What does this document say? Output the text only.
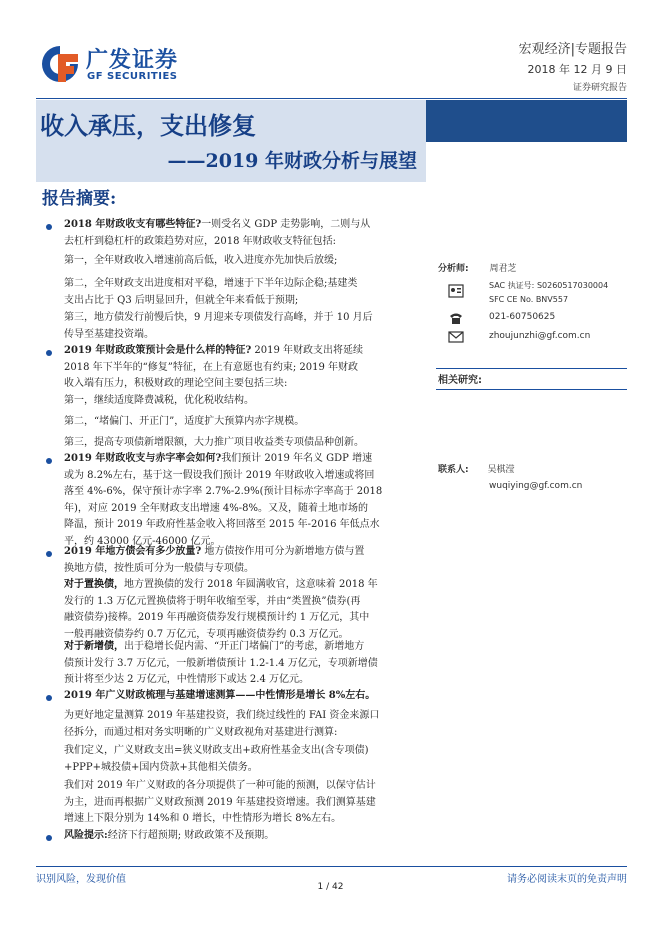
广发证券
GF SECURITIES
宏观经济|专题报告
2018 年 12 月 9 日
证券研究报告
收入承压，支出修复
——2019 年财政分析与展望
报告摘要:
2018 年财政收支有哪些特征?一则受名义 GDP 走势影响，二则与从
去杠杆到稳杠杆的政策趋势对应，2018 年财政收支特征包括:
第一，全年财政收入增速前高后低，收入进度亦先加快后放缓;
第二，全年财政支出进度相对平稳，增速于下半年边际企稳;基建类
支出占比于 Q3 后明显回升，但就全年来看低于预期;
第三，地方债发行前慢后快，9 月迎来专项债发行高峰，并于 10 月后
传导至基建投资端。
2019 年财政政策预计会是什么样的特征? 2019 年财政支出将延续
2018 年下半年的“修复”特征，在上有意愿也有约束; 2019 年财政
收入端有压力，积极财政的理论空间主要包括三块:
第一，继续适度降费减税，优化税收结构。
第二，“堵偏门、开正门”，适度扩大预算内赤字规模。
第三，提高专项债新增限额，大力推广项目收益类专项债品种创新。
2019 年财政收支与赤字率会如何?我们预计 2019 年名义 GDP 增速
或为 8.2%左右，基于这一假设我们预计 2019 年财政收入增速或将回
落至 4%-6%，保守预计赤字率 2.7%-2.9%(预计目标赤字率高于 2018
年)，对应 2019 全年财政支出增速 4%-8%。又及，随着土地市场的
降温，预计 2019 年政府性基金收入将回落至 2015 年-2016 年低点水
平，约 43000 亿元-46000 亿元。
2019 年地方债会有多少放量? 地方债按作用可分为新增地方债与置
换地方债，按性质可分为一般债与专项债。
对于置换债，地方置换债的发行 2018 年圆满收官，这意味着 2018 年
发行的 1.3 万亿元置换债将于明年收缩至零，并由“类置换”债券(再
融资债券)接棒。2019 年再融资债券发行规模预计约 1 万亿元，其中
一般再融资债券约 0.7 万亿元，专项再融资债券约 0.3 万亿元。
对于新增债，出于稳增长促内需、“开正门堵偏门”的考虑，新增地方
债预计发行 3.7 万亿元，一般新增债预计 1.2-1.4 万亿元，专项新增债
预计将至少达 2 万亿元，中性情形下或达 2.4 万亿元。
2019 年广义财政梳理与基建增速测算——中性情形是增长 8%左右。
为更好地定量测算 2019 年基建投资，我们绕过线性的 FAI 资金来源口
径拆分，而通过相对务实明晰的广义财政视角对基建进行测算:
我们定义，广义财政支出=狭义财政支出+政府性基金支出(含专项债)
+PPP+城投债+国内贷款+其他相关债务。
我们对 2019 年广义财政的各分项提供了一种可能的预测，以保守估计
为主，进而再根据广义财政预测 2019 年基建投资增速。我们测算基建
增速上下限分别为 14%和 0 增长，中性情形为增长 8%左右。
风险提示:经济下行超预期; 财政政策不及预期。
分析师: 周君芝
SAC 执证号: S0260517030004
SFC CE No. BNV557
021-60750625
zhoujunzhi@gf.com.cn
相关研究:
联系人: 吴棋滢
wuqiying@gf.com.cn
识别风险，发现价值	请务必阅读末页的免责声明
1 / 42
